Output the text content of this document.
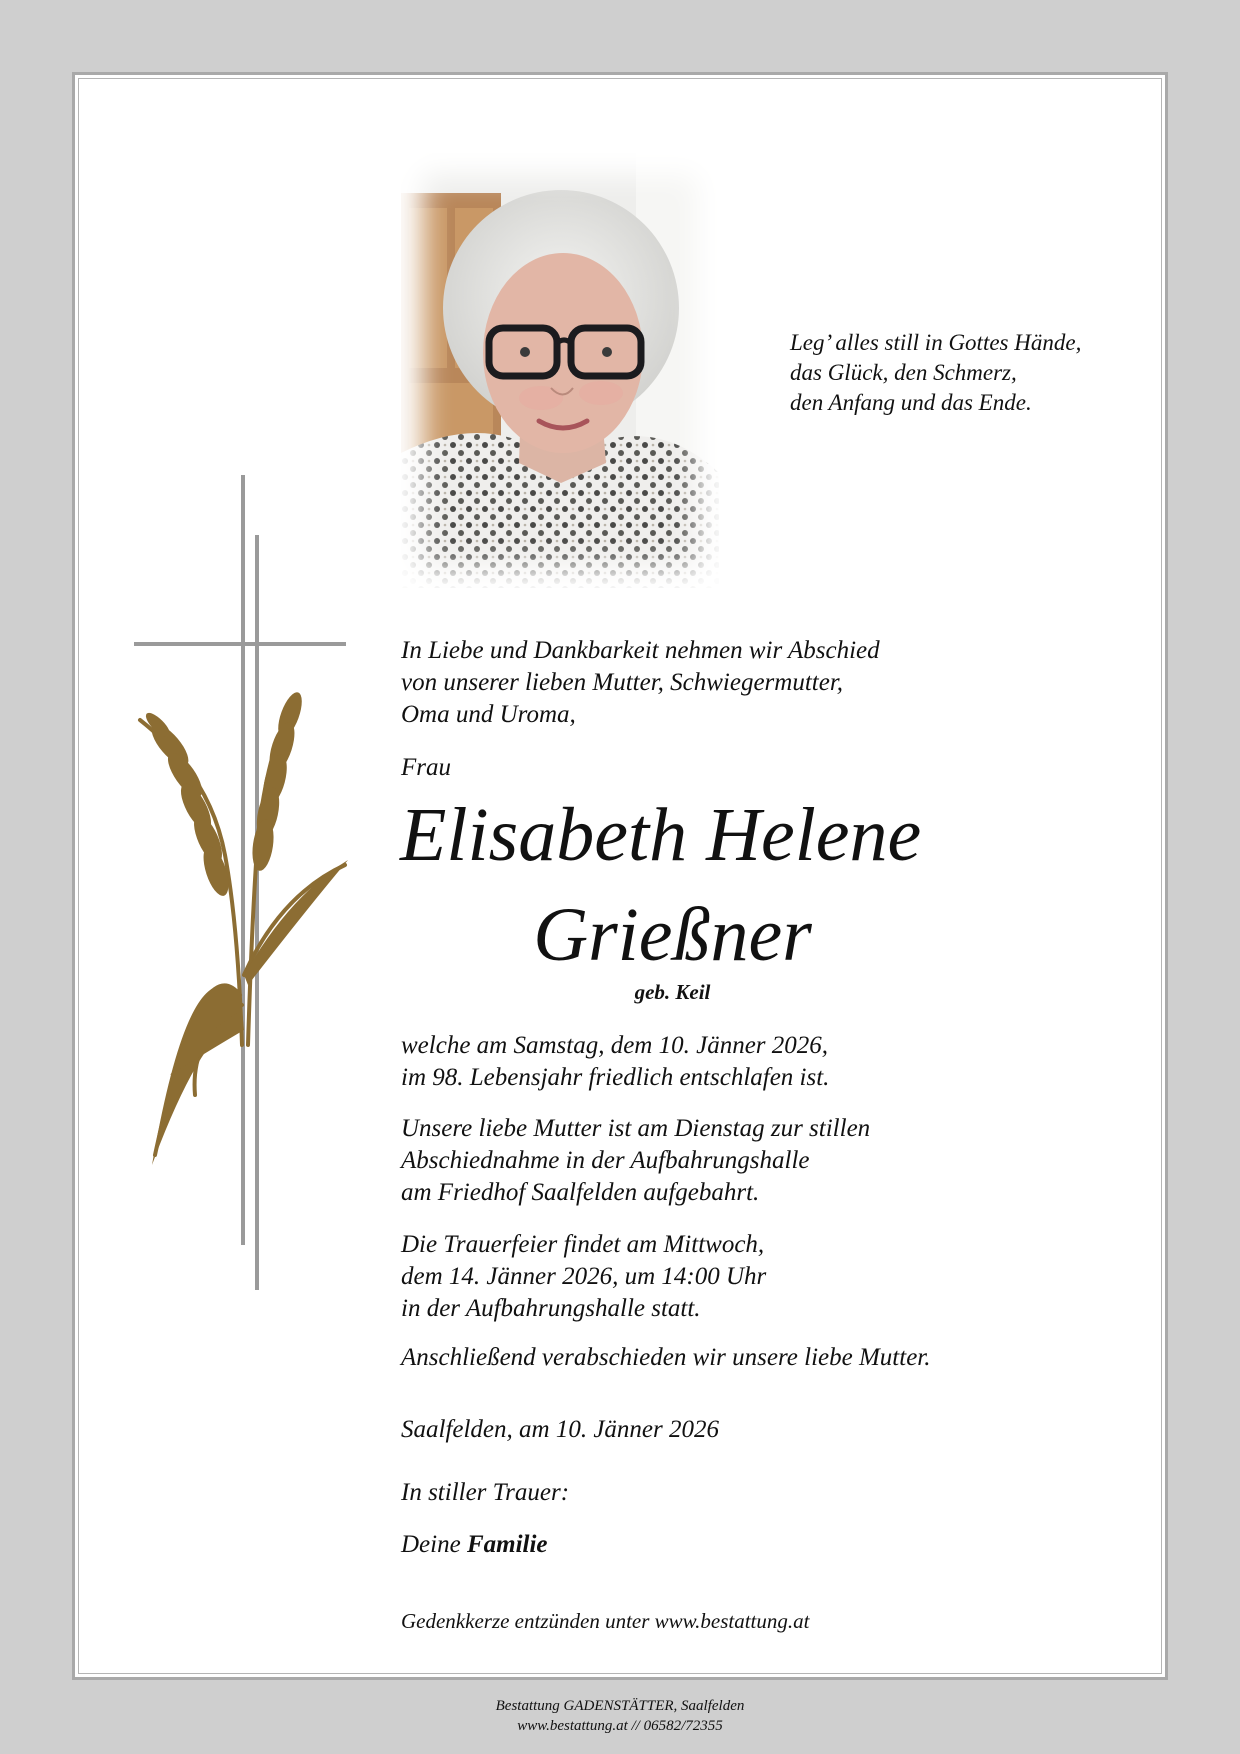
Leg’ alles still in Gottes Hände,
das Glück, den Schmerz,
den Anfang und das Ende.
In Liebe und Dankbarkeit nehmen wir Abschied
von unserer lieben Mutter, Schwiegermutter,
Oma und Uroma,
Frau
Elisabeth Helene
Grießner
geb. Keil
welche am Samstag, dem 10. Jänner 2026,
im 98. Lebensjahr friedlich entschlafen ist.
Unsere liebe Mutter ist am Dienstag zur stillen
Abschiednahme in der Aufbahrungshalle
am Friedhof Saalfelden aufgebahrt.
Die Trauerfeier findet am Mittwoch,
dem 14. Jänner 2026, um 14:00 Uhr
in der Aufbahrungshalle statt.
Anschließend verabschieden wir unsere liebe Mutter.
Saalfelden, am 10. Jänner 2026
In stiller Trauer:
Deine Familie
Gedenkkerze entzünden unter www.bestattung.at
Bestattung GADENSTÄTTER, Saalfelden
www.bestattung.at // 06582/72355
